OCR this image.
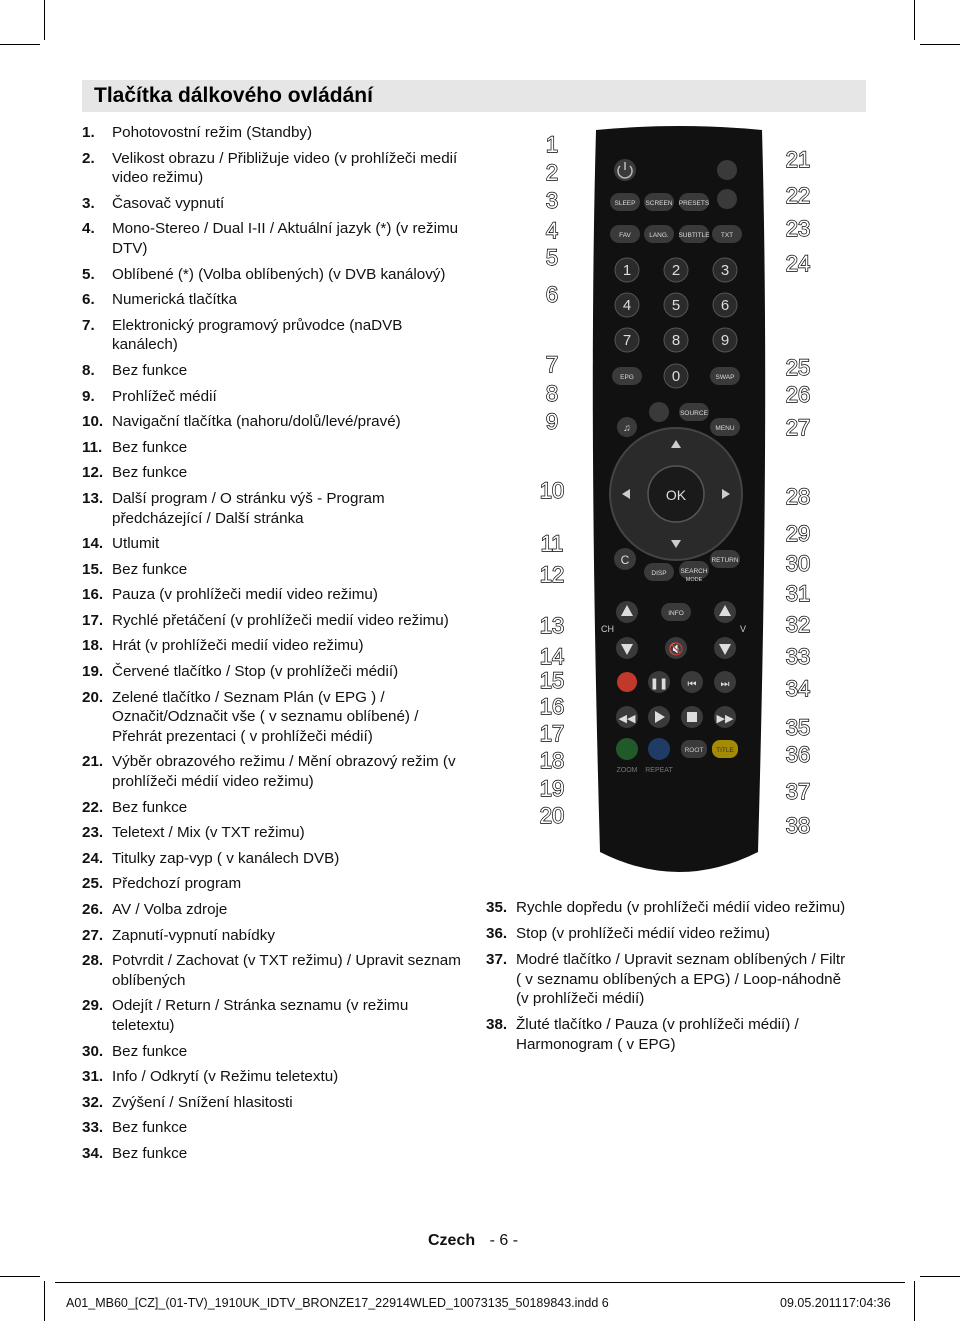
Tlačítka dálkového ovládání
1. Pohotovostní režim (Standby)
2. Velikost obrazu / Přibližuje video (v prohlížeči medií video režimu)
3. Časovač vypnutí
4. Mono-Stereo / Dual I-II / Aktuální jazyk (*) (v režimu DTV)
5. Oblíbené (*) (Volba oblíbených) (v DVB kanálový)
6. Numerická tlačítka
7. Elektronický programový průvodce (naDVB kanálech)
8. Bez funkce
9. Prohlížeč médií
10. Navigační tlačítka (nahoru/dolů/levé/pravé)
11. Bez funkce
12. Bez funkce
13. Další program / O stránku výš - Program předcházející / Další stránka
14. Utlumit
15. Bez funkce
16. Pauza (v prohlížeči medií video režimu)
17. Rychlé přetáčení (v prohlížeči medií video režimu)
18. Hrát (v prohlížeči medií video režimu)
19. Červené tlačítko / Stop (v prohlížeči médií)
20. Zelené tlačítko / Seznam Plán (v EPG ) / Označit/Odznačit vše ( v seznamu oblíbené) / Přehrát prezentaci ( v prohlížeči médií)
21. Výběr obrazového režimu / Mění obrazový režim (v prohlížeči médií video režimu)
22. Bez funkce
23. Teletext / Mix (v TXT režimu)
24. Titulky zap-vyp ( v kanálech DVB)
25. Předchozí program
26. AV / Volba zdroje
27. Zapnutí-vypnutí nabídky
28. Potvrdit / Zachovat (v TXT režimu) / Upravit seznam oblíbených
29. Odejít / Return / Stránka seznamu (v režimu teletextu)
30. Bez funkce
31. Info / Odkrytí (v Režimu teletextu)
32. Zvýšení / Snížení hlasitosti
33. Bez funkce
34. Bez funkce
35. Rychle dopředu (v prohlížeči médií video režimu)
36. Stop (v prohlížeči médií video režimu)
37. Modré tlačítko / Upravit seznam oblíbených / Filtr ( v seznamu oblíbených a EPG) / Loop-náhodně (v prohlížeči médií)
38. Žluté tlačítko / Pauza (v prohlížeči médií) / Harmonogram ( v EPG)
SLEEP SCREEN PRESETS
FAV	LANG. SUBTITLE TXT
EPG	SWAP
SOURCE
MENU
RETURN
DISP SEARCH
INFO
MODE
1	2	3
4	5	6
7	8	9
0
C
♫
OK
CH	V
🔇
❚❚ ⏮ ⏭
◀◀	▶▶
ROOT TITLE
ZOOM REPEAT
1
2
3
4
5
6
7
8
9
10
11
12
13
14
15
16
17
18
19
20
21
22
23
24
25
26
27
28
29
30
31
32
33
34
35
36
37
38
Czech - 6 -
A01_MB60_[CZ]_(01-TV)_1910UK_IDTV_BRONZE17_22914WLED_10073135_50189843.indd 6	09.05.2011 17:04:36
